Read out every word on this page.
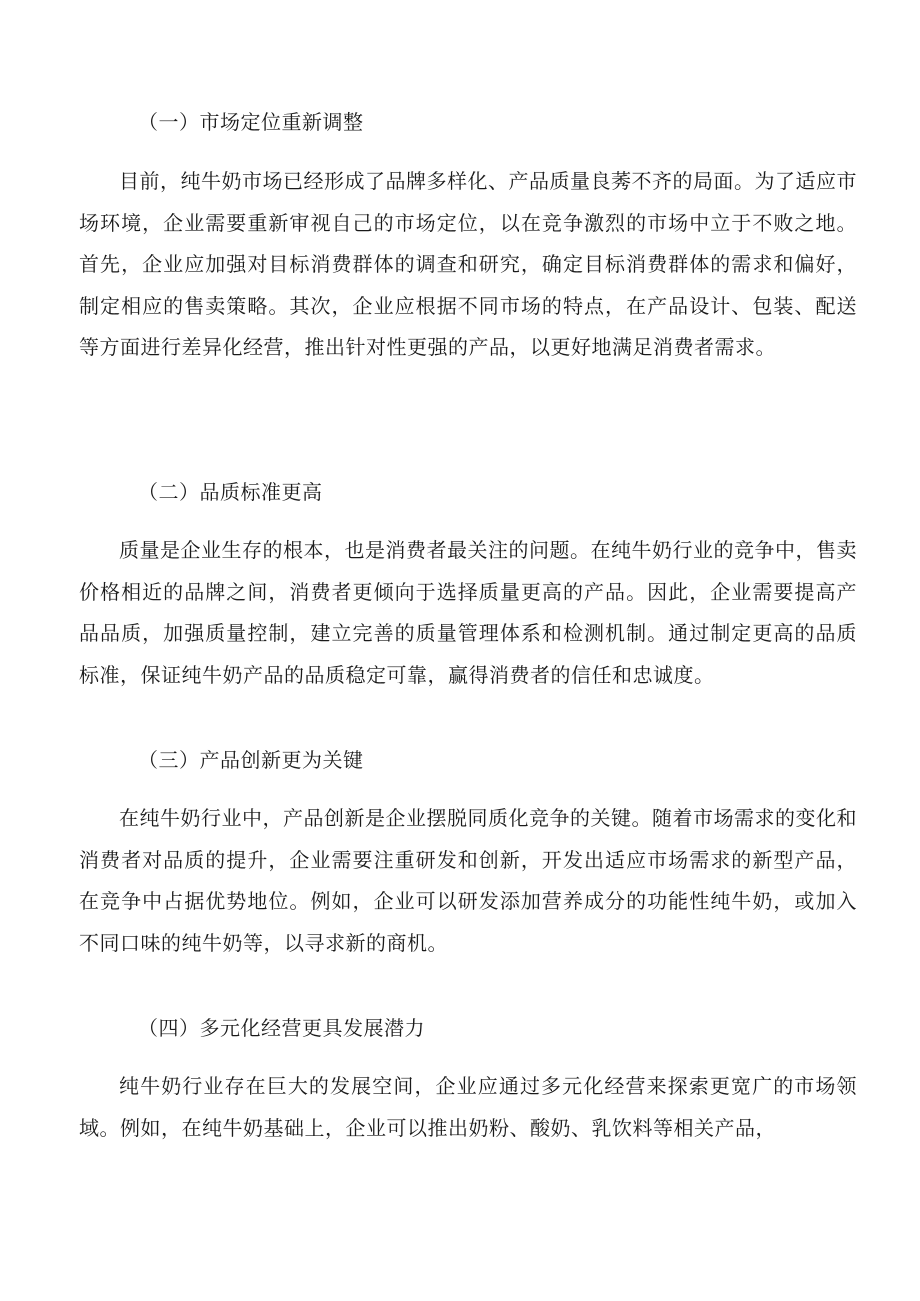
（一）市场定位重新调整
目前，纯牛奶市场已经形成了品牌多样化、产品质量良莠不齐的局面。为了适应市场环境，企业需要重新审视自己的市场定位，以在竞争激烈的市场中立于不败之地。首先，企业应加强对目标消费群体的调查和研究，确定目标消费群体的需求和偏好，制定相应的售卖策略。其次，企业应根据不同市场的特点，在产品设计、包装、配送等方面进行差异化经营，推出针对性更强的产品，以更好地满足消费者需求。
（二）品质标准更高
质量是企业生存的根本，也是消费者最关注的问题。在纯牛奶行业的竞争中，售卖价格相近的品牌之间，消费者更倾向于选择质量更高的产品。因此，企业需要提高产品品质，加强质量控制，建立完善的质量管理体系和检测机制。通过制定更高的品质标准，保证纯牛奶产品的品质稳定可靠，赢得消费者的信任和忠诚度。
（三）产品创新更为关键
在纯牛奶行业中，产品创新是企业摆脱同质化竞争的关键。随着市场需求的变化和消费者对品质的提升，企业需要注重研发和创新，开发出适应市场需求的新型产品，在竞争中占据优势地位。例如，企业可以研发添加营养成分的功能性纯牛奶，或加入不同口味的纯牛奶等，以寻求新的商机。
（四）多元化经营更具发展潜力
纯牛奶行业存在巨大的发展空间，企业应通过多元化经营来探索更宽广的市场领域。例如，在纯牛奶基础上，企业可以推出奶粉、酸奶、乳饮料等相关产品，
